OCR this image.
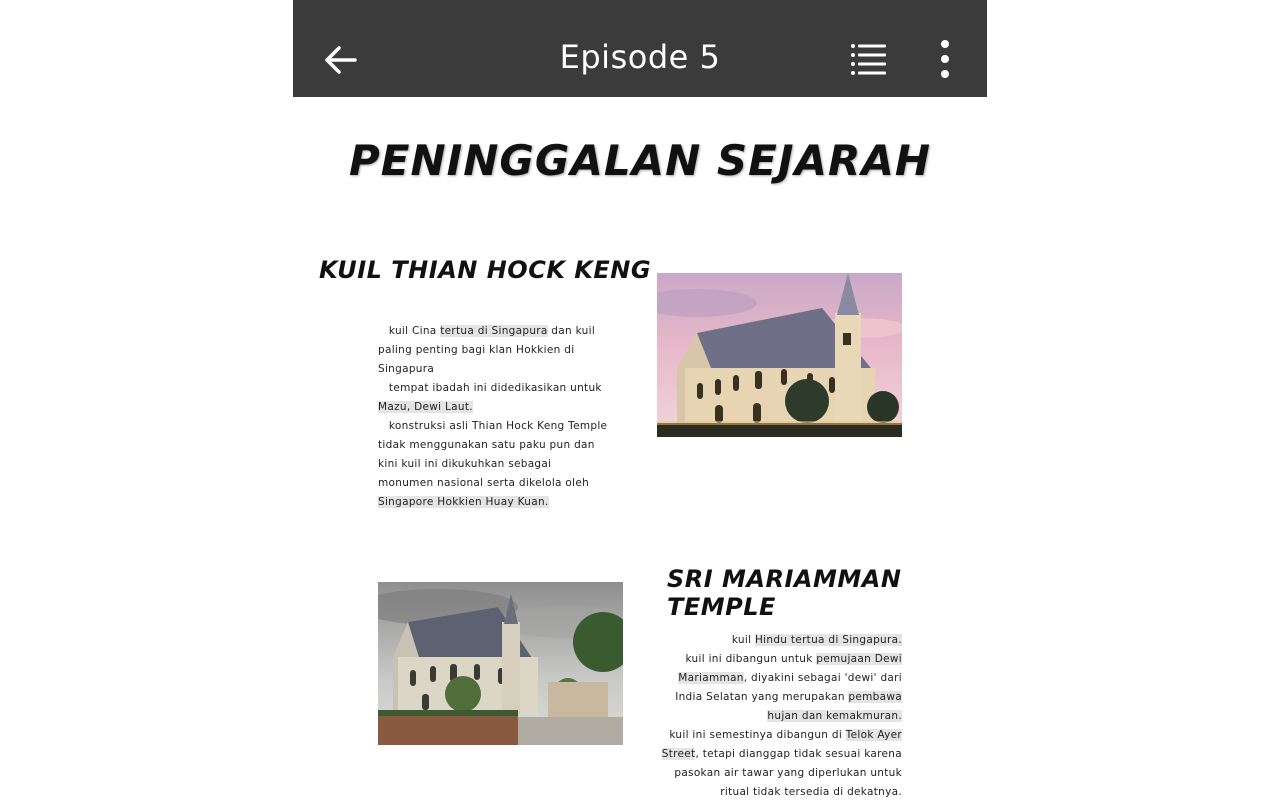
Episode 5
PENINGGALAN SEJARAH
KUIL THIAN HOCK KENG
kuil Cina tertua di Singapura dan kuil paling penting bagi klan Hokkien di Singapura
tempat ibadah ini didedikasikan untuk Mazu, Dewi Laut.
konstruksi asli Thian Hock Keng Temple tidak menggunakan satu paku pun dan kini kuil ini dikukuhkan sebagai monumen nasional serta dikelola oleh Singapore Hokkien Huay Kuan.
SRI MARIAMMAN TEMPLE
kuil Hindu tertua di Singapura.
kuil ini dibangun untuk pemujaan Dewi Mariamman, diyakini sebagai 'dewi' dari India Selatan yang merupakan pembawa hujan dan kemakmuran.
kuil ini semestinya dibangun di Telok Ayer Street, tetapi dianggap tidak sesuai karena pasokan air tawar yang diperlukan untuk ritual tidak tersedia di dekatnya.
